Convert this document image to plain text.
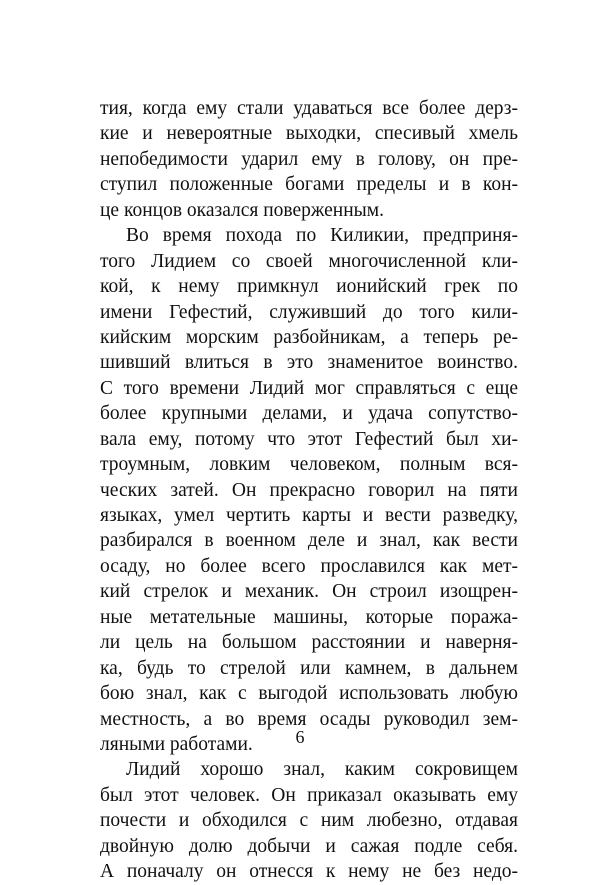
тия, когда ему стали удаваться все более дерз-
кие и невероятные выходки, спесивый хмель
непобедимости ударил ему в голову, он пре-
ступил положенные богами пределы и в кон-
це концов оказался поверженным.
Во время похода по Киликии, предприня-
того Лидием со своей многочисленной кли-
кой, к нему примкнул ионийский грек по
имени Гефестий, служивший до того кили-
кийским морским разбойникам, а теперь ре-
шивший влиться в это знаменитое воинство.
С того времени Лидий мог справляться с еще
более крупными делами, и удача сопутство-
вала ему, потому что этот Гефестий был хи-
троумным, ловким человеком, полным вся-
ческих затей. Он прекрасно говорил на пяти
языках, умел чертить карты и вести разведку,
разбирался в военном деле и знал, как вести
осаду, но более всего прославился как мет-
кий стрелок и механик. Он строил изощрен-
ные метательные машины, которые поража-
ли цель на большом расстоянии и наверня-
ка, будь то стрелой или камнем, в дальнем
бою знал, как с выгодой использовать любую
местность, а во время осады руководил зем-
ляными работами.
Лидий хорошо знал, каким сокровищем
был этот человек. Он приказал оказывать ему
почести и обходился с ним любезно, отдавая
двойную долю добычи и сажая подле себя.
А поначалу он отнесся к нему не без недо-
6
